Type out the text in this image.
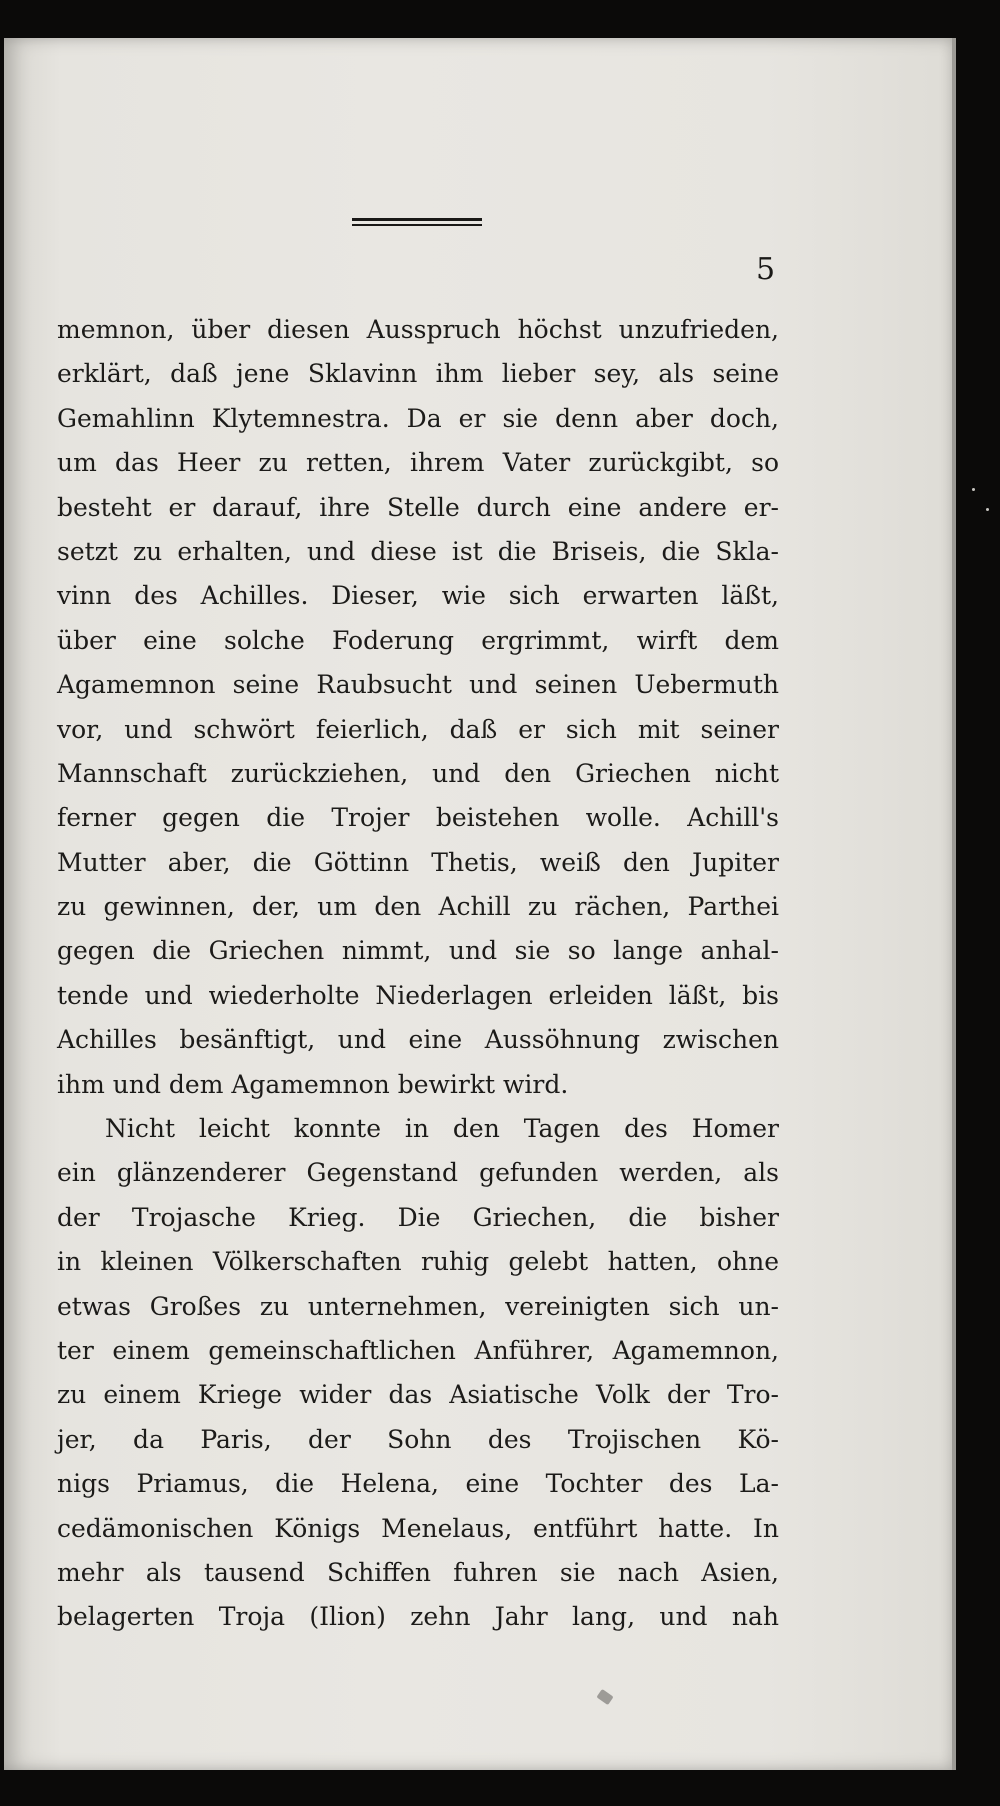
5
memnon, über diesen Ausspruch höchst unzufrieden,
erklärt, daß jene Sklavinn ihm lieber sey, als seine
Gemahlinn Klytemnestra. Da er sie denn aber doch,
um das Heer zu retten, ihrem Vater zurückgibt, so
besteht er darauf, ihre Stelle durch eine andere er-
setzt zu erhalten, und diese ist die Briseis, die Skla-
vinn des Achilles. Dieser, wie sich erwarten läßt,
über eine solche Foderung ergrimmt, wirft dem
Agamemnon seine Raubsucht und seinen Uebermuth
vor, und schwört feierlich, daß er sich mit seiner
Mannschaft zurückziehen, und den Griechen nicht
ferner gegen die Trojer beistehen wolle. Achill's
Mutter aber, die Göttinn Thetis, weiß den Jupiter
zu gewinnen, der, um den Achill zu rächen, Parthei
gegen die Griechen nimmt, und sie so lange anhal-
tende und wiederholte Niederlagen erleiden läßt, bis
Achilles besänftigt, und eine Aussöhnung zwischen
ihm und dem Agamemnon bewirkt wird.
Nicht leicht konnte in den Tagen des Homer
ein glänzenderer Gegenstand gefunden werden, als
der Trojasche Krieg. Die Griechen, die bisher
in kleinen Völkerschaften ruhig gelebt hatten, ohne
etwas Großes zu unternehmen, vereinigten sich un-
ter einem gemeinschaftlichen Anführer, Agamemnon,
zu einem Kriege wider das Asiatische Volk der Tro-
jer, da Paris, der Sohn des Trojischen Kö-
nigs Priamus, die Helena, eine Tochter des La-
cedämonischen Königs Menelaus, entführt hatte. In
mehr als tausend Schiffen fuhren sie nach Asien,
belagerten Troja (Ilion) zehn Jahr lang, und nah
